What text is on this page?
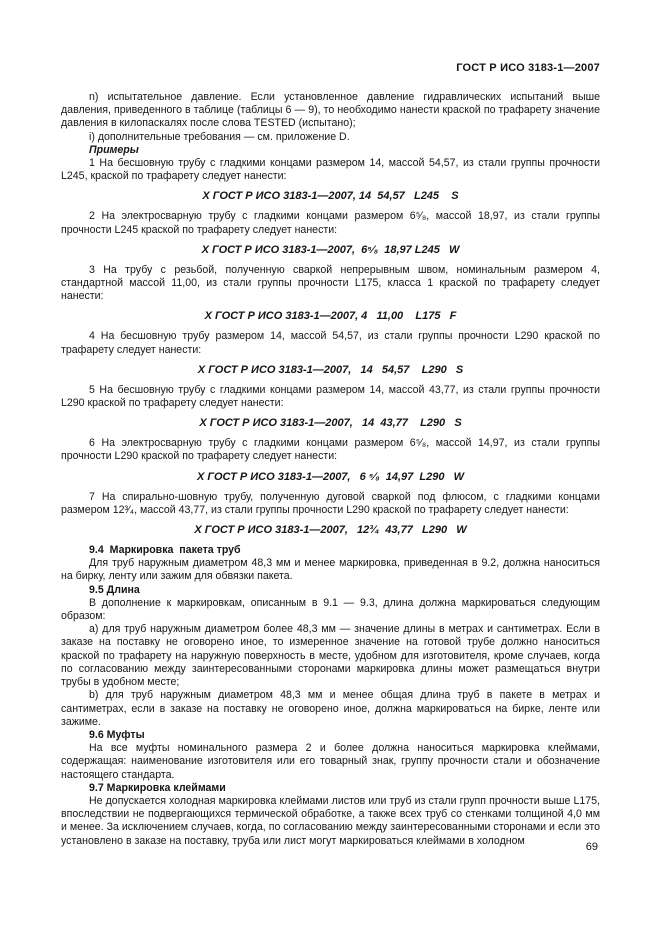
ГОСТ Р ИСО 3183-1—2007

n) испытательное давление. Если установленное давление гидравлических испытаний выше давления, приведенного в таблице (таблицы 6 — 9), то необходимо нанести краской по трафарету значение давления в килопаскалях после слова TESTED (испытано);

i) дополнительные требования — см. приложение D.

Примеры

1 На бесшовную трубу с гладкими концами размером 14, массой 54,57, из стали группы прочности L245, краской по трафарету следует нанести:

Х ГОСТ Р ИСО 3183-1—2007, 14  54,57   L245    S

2 На электросварную трубу с гладкими концами размером 6⁵⁄₈, массой 18,97, из стали группы прочности L245 краской по трафарету следует нанести:

Х ГОСТ Р ИСО 3183-1—2007,  6⁵⁄₈  18,97 L245   W

3 На трубу с резьбой, полученную сваркой непрерывным швом, номинальным размером 4, стандартной массой 11,00, из стали группы прочности L175, класса 1 краской по трафарету следует нанести:

Х ГОСТ Р ИСО 3183-1—2007, 4   11,00    L175   F

4 На бесшовную трубу размером 14, массой 54,57, из стали группы прочности L290 краской по трафарету следует нанести:

Х ГОСТ Р ИСО 3183-1—2007,   14   54,57    L290   S

5 На бесшовную трубу с гладкими концами размером 14, массой 43,77, из стали группы прочности L290 краской по трафарету следует нанести:

Х ГОСТ Р ИСО 3183-1—2007,   14  43,77    L290   S

6 На электросварную трубу с гладкими концами размером 6⁵⁄₈, массой 14,97, из стали группы прочности L290 краской по трафарету следует нанести:

Х ГОСТ Р ИСО 3183-1—2007,   6 ⁵⁄₈  14,97  L290   W

7 На спирально-шовную трубу, полученную дуговой сваркой под флюсом, с гладкими концами размером 12³⁄₄, массой 43,77, из стали группы прочности L290 краской по трафарету следует нанести:

Х ГОСТ Р ИСО 3183-1—2007,   12³⁄₄  43,77   L290   W

9.4  Маркировка  пакета труб

Для труб наружным диаметром 48,3 мм и менее маркировка, приведенная в 9.2, должна наноситься на бирку, ленту или зажим для обвязки пакета.

9.5 Длина

В дополнение к маркировкам, описанным в 9.1 — 9.3, длина должна маркироваться следующим образом:

a) для труб наружным диаметром более 48,3 мм — значение длины в метрах и сантиметрах. Если в заказе на поставку не оговорено иное, то измеренное значение на готовой трубе должно наноситься краской по трафарету на наружную поверхность в месте, удобном для изготовителя, кроме случаев, когда по согласованию между заинтересованными сторонами маркировка длины может размещаться внутри трубы в удобном месте;

b) для труб наружным диаметром 48,3 мм и менее общая длина труб в пакете в метрах и сантиметрах, если в заказе на поставку не оговорено иное, должна маркироваться на бирке, ленте или зажиме.

9.6 Муфты

На все муфты номинального размера 2 и более должна наноситься маркировка клеймами, содержащая: наименование изготовителя или его товарный знак, группу прочности стали и обозначение настоящего стандарта.

9.7 Маркировка клеймами

Не допускается холодная маркировка клеймами листов или труб из стали групп прочности выше L175, впоследствии не подвергающихся термической обработке, а также всех труб со стенками толщиной 4,0 мм и менее. За исключением случаев, когда, по согласованию между заинтересованными сторонами и если это установлено в заказе на поставку, труба или лист могут маркироваться клеймами в холодном

69
